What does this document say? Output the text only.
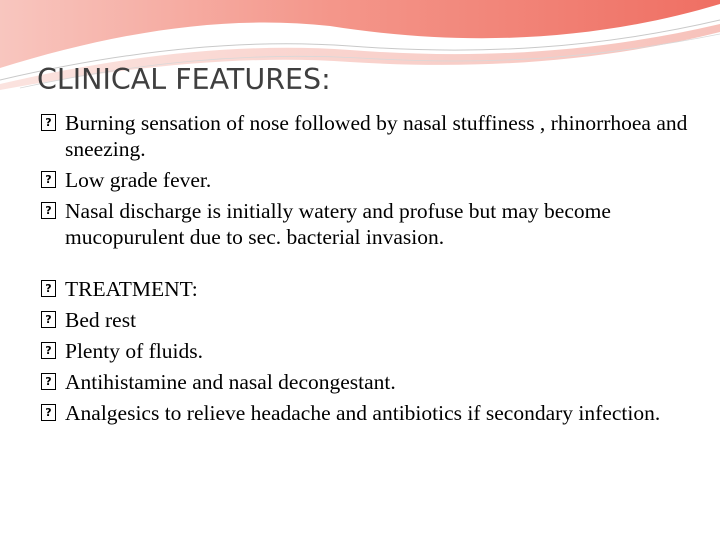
CLINICAL FEATURES:
? Burning sensation of nose followed by nasal stuffiness , rhinorrhoea and sneezing.
? Low grade fever.
? Nasal discharge is initially watery and profuse but may become mucopurulent due to sec. bacterial invasion.
? TREATMENT:
? Bed rest
? Plenty of fluids.
? Antihistamine and nasal decongestant.
? Analgesics to relieve headache and antibiotics if secondary infection.
